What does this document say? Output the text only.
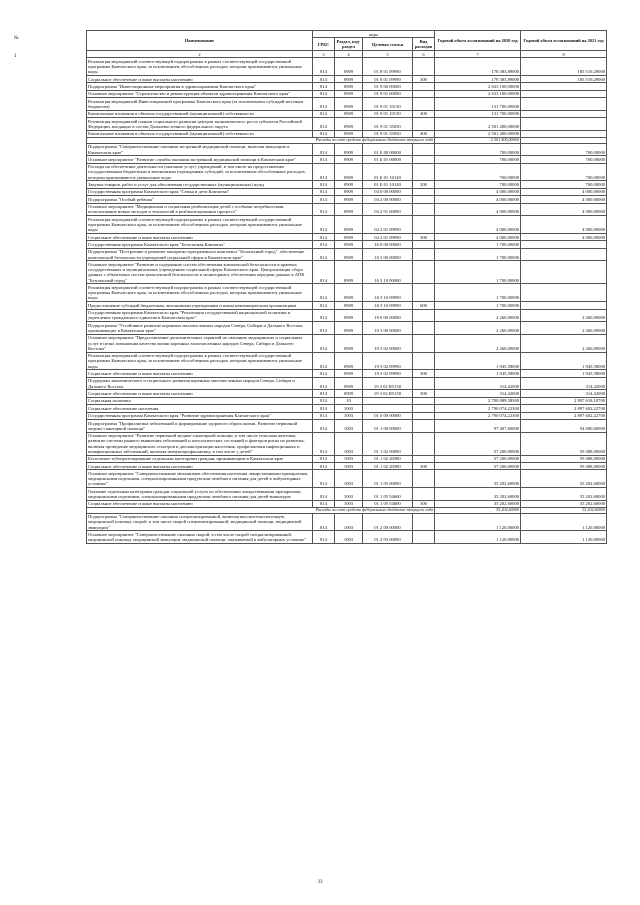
Наименование	коды				Годовой объем ассигнований на 2020 год	Годовой объем ассигнований на 2021 год
	ГРБС	Раздел, под-раздел	Целевая статья	Вид расходов		
2	3	4	5	6	7	8
Реализация мероприятий соответствующей подпрограммы в рамках соответствующей государственной программы Камчатского края, за исключением обособленных расходов, которым присваиваются уникальные коды	814	0909	01 8 01 09990		178 383,89000	185 519,29000
Социальное обеспечение и иные выплаты населению	814	0909	01 8 01 09990	300	178 383,89000	185 519,29000
Подпрограмма "Инвестиционные мероприятия в здравоохранении Камчатского края"	814	0909	01 9 00 00000		2 633 100,00000	
Основное мероприятие "Строительство и реконструкция объектов здравоохранения Камчатского края"	814	0909	01 9 01 00000		2 633 100,00000	
Реализация мероприятий Инвестиционной программы Камчатского края (за исключением субсидий местным бюджетам)	814	0909	01 9 01 10130		131 700,00000	
Капитальные вложения в объекты государственной (муниципальной) собственности	814	0909	01 9 01 10130	400	131 700,00000	
Реализация мероприятий планов социального развития центров экономического роста субъектов Российской Федерации, входящих в состав Дальневосточного федерального округа	814	0909	01 9 01 55050		2 501 400,00000	
Капитальные вложения в объекты государственной (муниципальной) собственности	814	0909	01 9 01 55050	400	2 501 400,00000	
Расходы за счет средств федерального бюджета текущего года					2 501 400,00000	
Подпрограмма "Совершенствование оказания экстренной медицинской помощи, включая эвакуацию в Камчатском крае"	814	0909	01 Б 00 00000		700,00000	700,00000
Основное мероприятие "Развитие службы оказания экстренной медицинской помощи в Камчатском крае"	814	0909	01 Б 01 00000		700,00000	700,00000
Расходы на обеспечение деятельности (оказание услуг) учреждений, в том числе на предоставление государственным бюджетным и автономным учреждениям субсидий, за исключением обособленных расходов, которым присваиваются уникальные коды	814	0909	01 Б 01 10140		700,00000	700,00000
Закупка товаров, работ и услуг для обеспечения государственных (муниципальных) нужд	814	0909	01 Б 01 10140	200	700,00000	700,00000
Государственная программа Камчатского края "Семья и дети Камчатки"	814	0909	04 0 00 00000		4 000,00000	4 000,00000
Подпрограмма "Особый ребенок"	814	0909	04 2 00 00000		4 000,00000	4 000,00000
Основное мероприятие "Медицинская и социальная реабилитация детей с особыми потребностями, использование новых методов и технологий в реабилитационном процессе"	814	0909	04 2 01 00000		4 000,00000	4 000,00000
Реализация мероприятий соответствующей подпрограммы в рамках соответствующей государственной программы Камчатского края, за исключением обособленных расходов, которым присваиваются уникальные коды	814	0909	04 2 01 09990		4 000,00000	4 000,00000
Социальное обеспечение и иные выплаты населению	814	0909	04 2 01 09990	300	4 000,00000	4 000,00000
Государственная программа Камчатского края "Безопасная Камчатка"	814	0909	16 0 00 00000		1 700,00000	
Подпрограмма "Построение и развитие аппаратно-программного комплекса "Безопасный город", обеспечение комплексной безопасности учреждений социальной сферы в Камчатском крае"	814	0909	16 3 00 00000		1 700,00000	
Основное мероприятие "Развитие и содержание систем обеспечения комплексной безопасности в краевых государственных и муниципальных учреждениях социальной сферы Камчатского края. Централизация сбора данных с объектовых систем комплексной безопасности и мониторинга, обеспечения передачи данных в АПК "Безопасный город"	814	0909	16 3 10 00000		1 700,00000	
Реализация мероприятий соответствующей подпрограммы в рамках соответствующей государственной программы Камчатского края, за исключением обособленных расходов, которым присваиваются уникальные коды	814	0909	16 3 10 09990		1 700,00000	
Предоставление субсидий бюджетным, автономным учреждениям и иным некоммерческим организациям	814	0909	16 3 10 09990	600	1 700,00000	
Государственная программа Камчатского края "Реализация государственной национальной политики и укрепление гражданского единства в Камчатском крае"	814	0909	19 0 00 00000		2 260,00000	2 260,00000
Подпрограмма "Устойчивое развитие коренных малочисленных народов Севера, Сибири и Дальнего Востока, проживающих в Камчатском крае"	814	0909	19 3 00 00000		2 260,00000	2 260,00000
Основное мероприятие "Предоставление дополнительных гарантий по оказанию медицинских и социальных услуг в целях повышения качества жизни коренных малочисленных народов Севера, Сибири и Дальнего Востока"	814	0909	19 3 02 00000		2 260,00000	2 260,00000
Реализация мероприятий соответствующей подпрограммы в рамках соответствующей государственной программы Камчатского края, за исключением обособленных расходов, которым присваиваются уникальные коды	814	0909	19 3 02 09990		1 945,58000	1 945,58000
Социальное обеспечение и иные выплаты населению	814	0909	19 3 02 09990	300	1 945,58000	1 945,58000
Поддержка экономического и социального развития коренных малочисленных народов Севера, Сибири и Дальнего Востока	814	0909	19 3 02 R5150		314,42000	314,42000
Социальное обеспечение и иные выплаты населению	814	0909	19 3 02 R5150	300	314,42000	314,42000
Социальная политика	814	10			2 790 089,38300	2 897 618,18700
Социальное обеспечение населения	814	1003			2 790 074,22300	2 897 602,22700
Государственная программа Камчатского края "Развитие здравоохранения Камчатского края"	814	1003	01 0 00 00000		2 790 074,22300	2 897 602,22700
Подпрограмма "Профилактика заболеваний и формирование здорового образа жизни. Развитие первичной медико-санитарной помощи"	814	1003	01 1 00 00000		97 407,60000	94 690,60000
Основное мероприятие "Развитие первичной медико-санитарной помощи, в том числе сельским жителям, развитие системы раннего выявления заболеваний и патологических состояний и факторов риска их развития, включая проведение медицинских осмотров и диспансеризации населения, профилактики инфекционных и неинфекционных заболеваний, включая иммунопрофилактику, в том числе у детей"	814	1003	01 1 02 00000		57 200,00000	59 488,00000
Бесплатное зубопротезирование отдельным категориям граждан, проживающим в Камчатском крае	814	1003	01 1 02 20380		57 200,00000	59 488,00000
Социальное обеспечение и иные выплаты населению	814	1003	01 1 02 20380	300	57 200,00000	59 488,00000
Основное мероприятие "Совершенствование механизмов обеспечения населения лекарственными препаратами, медицинскими изделиями, специализированными продуктами лечебного питания для детей в амбулаторных условиях"	814	1003	01 1 05 00000		35 202,60000	35 202,60000
Оказание отдельным категориям граждан социальной услуги по обеспечению лекарственными препаратами, медицинскими изделиями, специализированными продуктами лечебного питания для детей-инвалидов	814	1003	01 1 05 54600		35 202,60000	35 202,60000
Социальное обеспечение и иные выплаты населению	814	1003	01 1 05 54600	300	35 202,60000	35 202,60000
Расходы за счет средств федерального бюджета текущего года					35 202,60000	35 202,60000
Подпрограмма "Совершенствование оказания специализированной, включая высокотехнологичную, медицинской помощи, скорой, в том числе скорой специализированной, медицинской помощи, медицинской эвакуации"	814	1003	01 2 00 00000		1 120,00000	1 120,00000
Основное мероприятие "Совершенствование оказания скорой, в том числе скорой специализированной, медицинской помощи, медицинской эвакуации, медицинской помощи, оказываемой в амбулаторных условиях"	814	1003	01 2 03 00000		1 120,00000	1 120,00000
№
1
33
